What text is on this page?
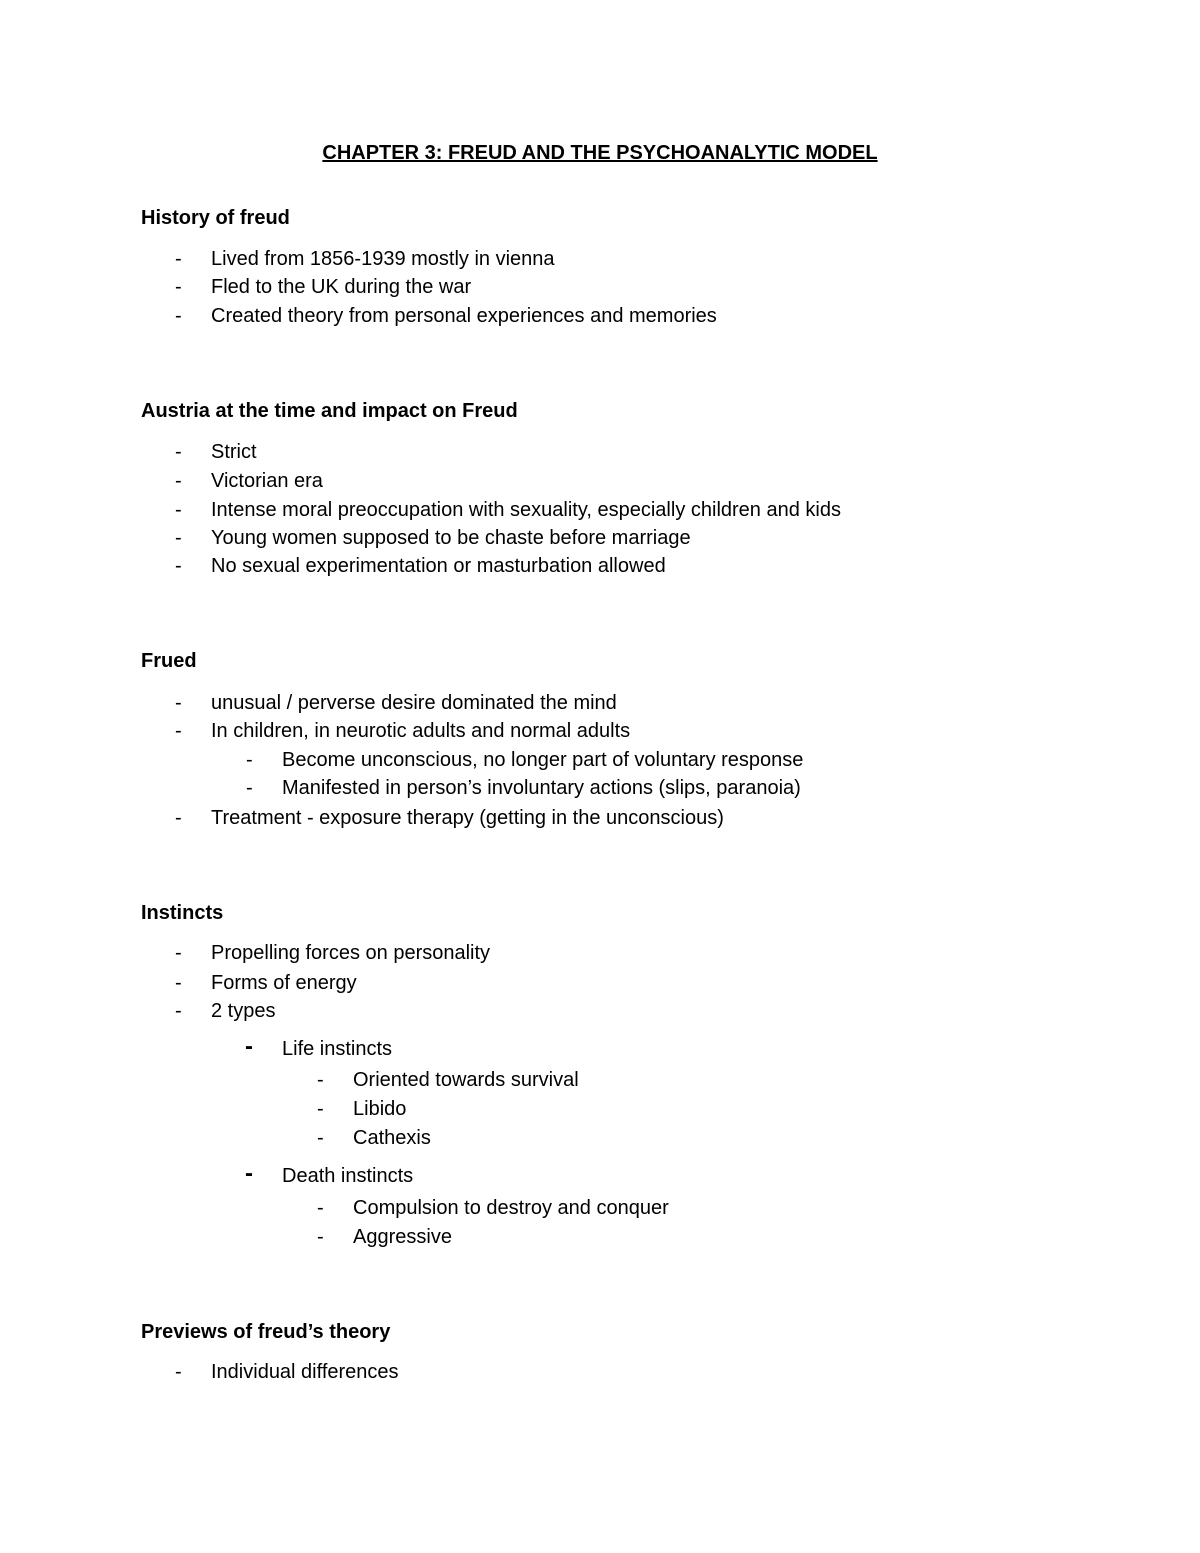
CHAPTER 3: FREUD AND THE PSYCHOANALYTIC MODEL
History of freud
- Lived from 1856-1939 mostly in vienna
- Fled to the UK during the war
- Created theory from personal experiences and memories
Austria at the time and impact on Freud
- Strict
- Victorian era
- Intense moral preoccupation with sexuality, especially children and kids
- Young women supposed to be chaste before marriage
- No sexual experimentation or masturbation allowed
Frued
- unusual / perverse desire dominated the mind
- In children, in neurotic adults and normal adults
- Become unconscious, no longer part of voluntary response
- Manifested in person’s involuntary actions (slips, paranoia)
- Treatment - exposure therapy (getting in the unconscious)
Instincts
- Propelling forces on personality
- Forms of energy
- 2 types
- Life instincts
- Oriented towards survival
- Libido
- Cathexis
- Death instincts
- Compulsion to destroy and conquer
- Aggressive
Previews of freud’s theory
- Individual differences
